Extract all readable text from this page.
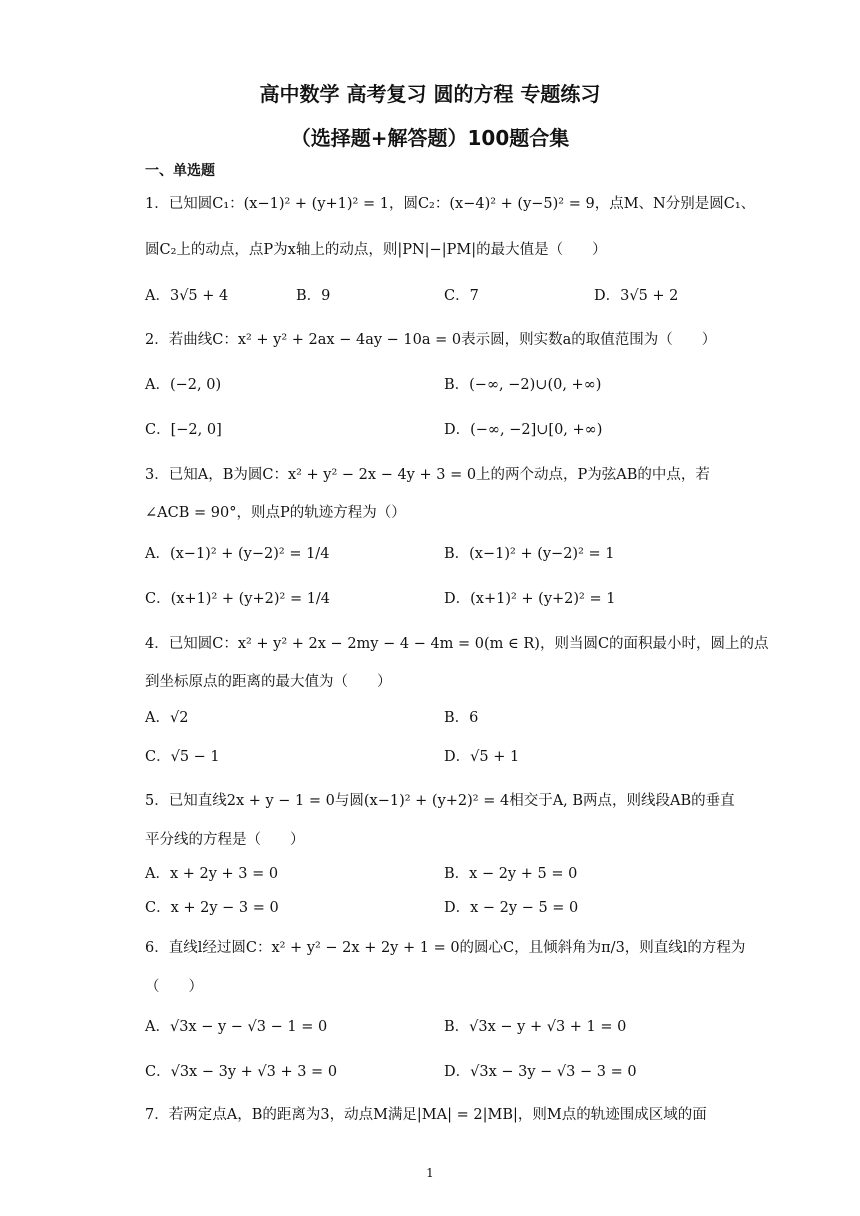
高中数学 高考复习 圆的方程 专题练习
（选择题+解答题）100题合集
一、单选题
1．已知圆C₁：(x−1)² + (y+1)² = 1，圆C₂：(x−4)² + (y−5)² = 9，点M、N分别是圆C₁、
圆C₂上的动点，点P为x轴上的动点，则|PN|−|PM|的最大值是（　　）
A．3√5 + 4	B．9	C．7	D．3√5 + 2
2．若曲线C：x² + y² + 2ax − 4ay − 10a = 0表示圆，则实数a的取值范围为（　　）
A．(−2, 0)	B．(−∞, −2)∪(0, +∞)
C．[−2, 0]	D．(−∞, −2]∪[0, +∞)
3．已知A，B为圆C：x² + y² − 2x − 4y + 3 = 0上的两个动点，P为弦AB的中点，若
∠ACB = 90°，则点P的轨迹方程为（）
A．(x−1)² + (y−2)² = 1/4	B．(x−1)² + (y−2)² = 1
C．(x+1)² + (y+2)² = 1/4	D．(x+1)² + (y+2)² = 1
4．已知圆C：x² + y² + 2x − 2my − 4 − 4m = 0(m ∈ R)，则当圆C的面积最小时，圆上的点
到坐标原点的距离的最大值为（　　）
A．√2	B．6
C．√5 − 1	D．√5 + 1
5．已知直线2x + y − 1 = 0与圆(x−1)² + (y+2)² = 4相交于A, B两点，则线段AB的垂直
平分线的方程是（　　）
A．x + 2y + 3 = 0	B．x − 2y + 5 = 0
C．x + 2y − 3 = 0	D．x − 2y − 5 = 0
6．直线l经过圆C：x² + y² − 2x + 2y + 1 = 0的圆心C，且倾斜角为π/3，则直线l的方程为
（　　）
A．√3x − y − √3 − 1 = 0	B．√3x − y + √3 + 1 = 0
C．√3x − 3y + √3 + 3 = 0	D．√3x − 3y − √3 − 3 = 0
7．若两定点A，B的距离为3，动点M满足|MA| = 2|MB|，则M点的轨迹围成区域的面
1
